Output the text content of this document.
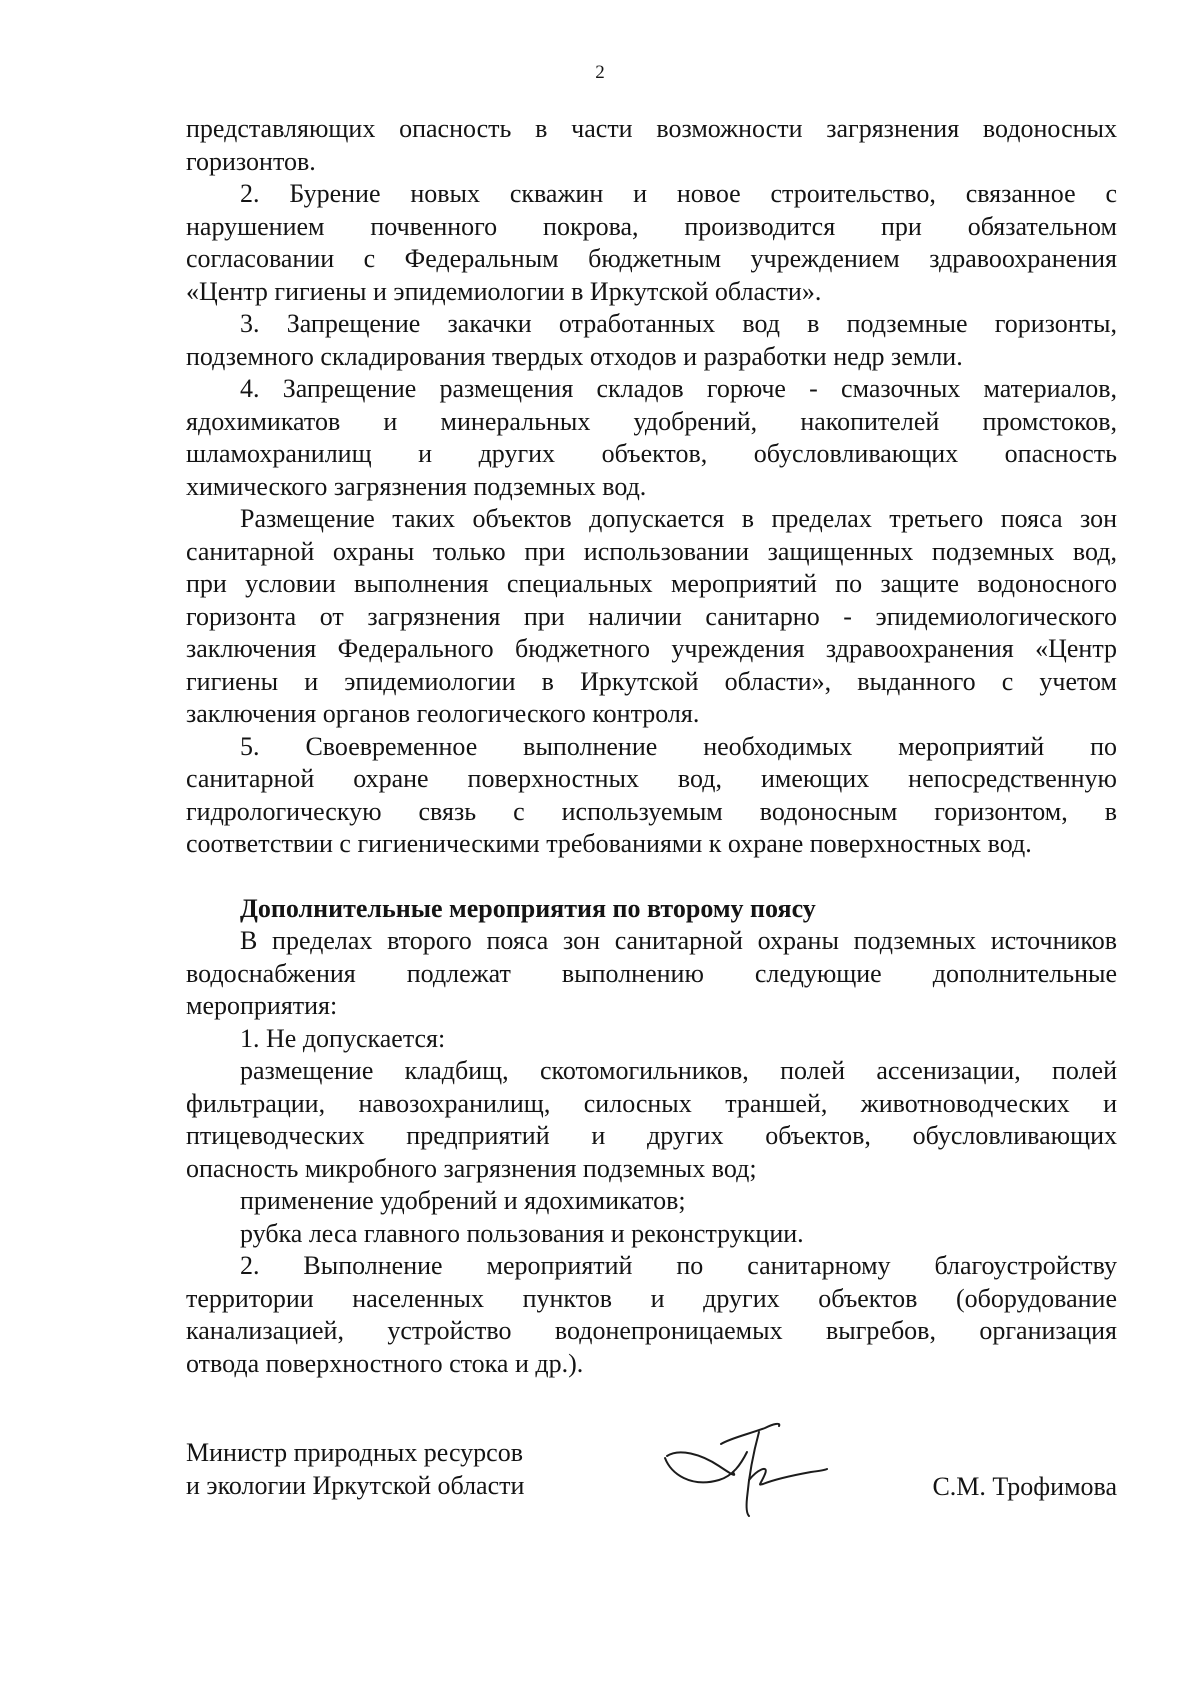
2
представляющих опасность в части возможности загрязнения водоносных
горизонтов.
2. Бурение новых скважин и новое строительство, связанное с
нарушением почвенного покрова, производится при обязательном
согласовании с Федеральным бюджетным учреждением здравоохранения
«Центр гигиены и эпидемиологии в Иркутской области».
3. Запрещение закачки отработанных вод в подземные горизонты,
подземного складирования твердых отходов и разработки недр земли.
4. Запрещение размещения складов горюче - смазочных материалов,
ядохимикатов и минеральных удобрений, накопителей промстоков,
шламохранилищ и других объектов, обусловливающих опасность
химического загрязнения подземных вод.
Размещение таких объектов допускается в пределах третьего пояса зон
санитарной охраны только при использовании защищенных подземных вод,
при условии выполнения специальных мероприятий по защите водоносного
горизонта от загрязнения при наличии санитарно - эпидемиологического
заключения Федерального бюджетного учреждения здравоохранения «Центр
гигиены и эпидемиологии в Иркутской области», выданного с учетом
заключения органов геологического контроля.
5. Своевременное выполнение необходимых мероприятий по
санитарной охране поверхностных вод, имеющих непосредственную
гидрологическую связь с используемым водоносным горизонтом, в
соответствии с гигиеническими требованиями к охране поверхностных вод.
Дополнительные мероприятия по второму поясу
В пределах второго пояса зон санитарной охраны подземных источников
водоснабжения подлежат выполнению следующие дополнительные
мероприятия:
1. Не допускается:
размещение кладбищ, скотомогильников, полей ассенизации, полей
фильтрации, навозохранилищ, силосных траншей, животноводческих и
птицеводческих предприятий и других объектов, обусловливающих
опасность микробного загрязнения подземных вод;
применение удобрений и ядохимикатов;
рубка леса главного пользования и реконструкции.
2. Выполнение мероприятий по санитарному благоустройству
территории населенных пунктов и других объектов (оборудование
канализацией, устройство водонепроницаемых выгребов, организация
отвода поверхностного стока и др.).
Министр природных ресурсов
и экологии Иркутской области	С.М. Трофимова
